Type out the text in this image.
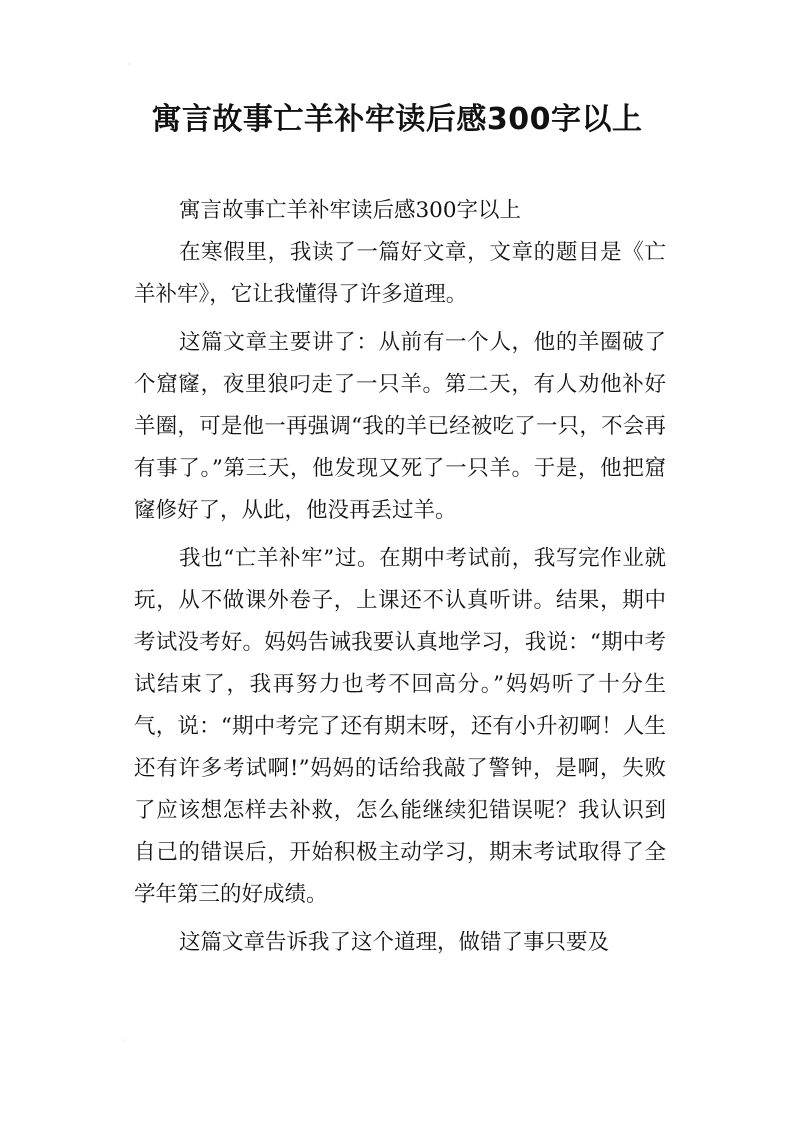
·
·
寓言故事亡羊补牢读后感300字以上

寓言故事亡羊补牢读后感300字以上

在寒假里，我读了一篇好文章，文章的题目是《亡羊补牢》，它让我懂得了许多道理。

这篇文章主要讲了：从前有一个人，他的羊圈破了个窟窿，夜里狼叼走了一只羊。第二天，有人劝他补好羊圈，可是他一再强调“我的羊已经被吃了一只，不会再有事了。”第三天，他发现又死了一只羊。于是，他把窟窿修好了，从此，他没再丢过羊。

我也“亡羊补牢”过。在期中考试前，我写完作业就玩，从不做课外卷子，上课还不认真听讲。结果，期中考试没考好。妈妈告诫我要认真地学习，我说：“期中考试结束了，我再努力也考不回高分。”妈妈听了十分生气，说：“期中考完了还有期末呀，还有小升初啊！人生还有许多考试啊!”妈妈的话给我敲了警钟，是啊，失败了应该想怎样去补救，怎么能继续犯错误呢？我认识到自己的错误后，开始积极主动学习，期末考试取得了全学年第三的好成绩。

这篇文章告诉我了这个道理，做错了事只要及
